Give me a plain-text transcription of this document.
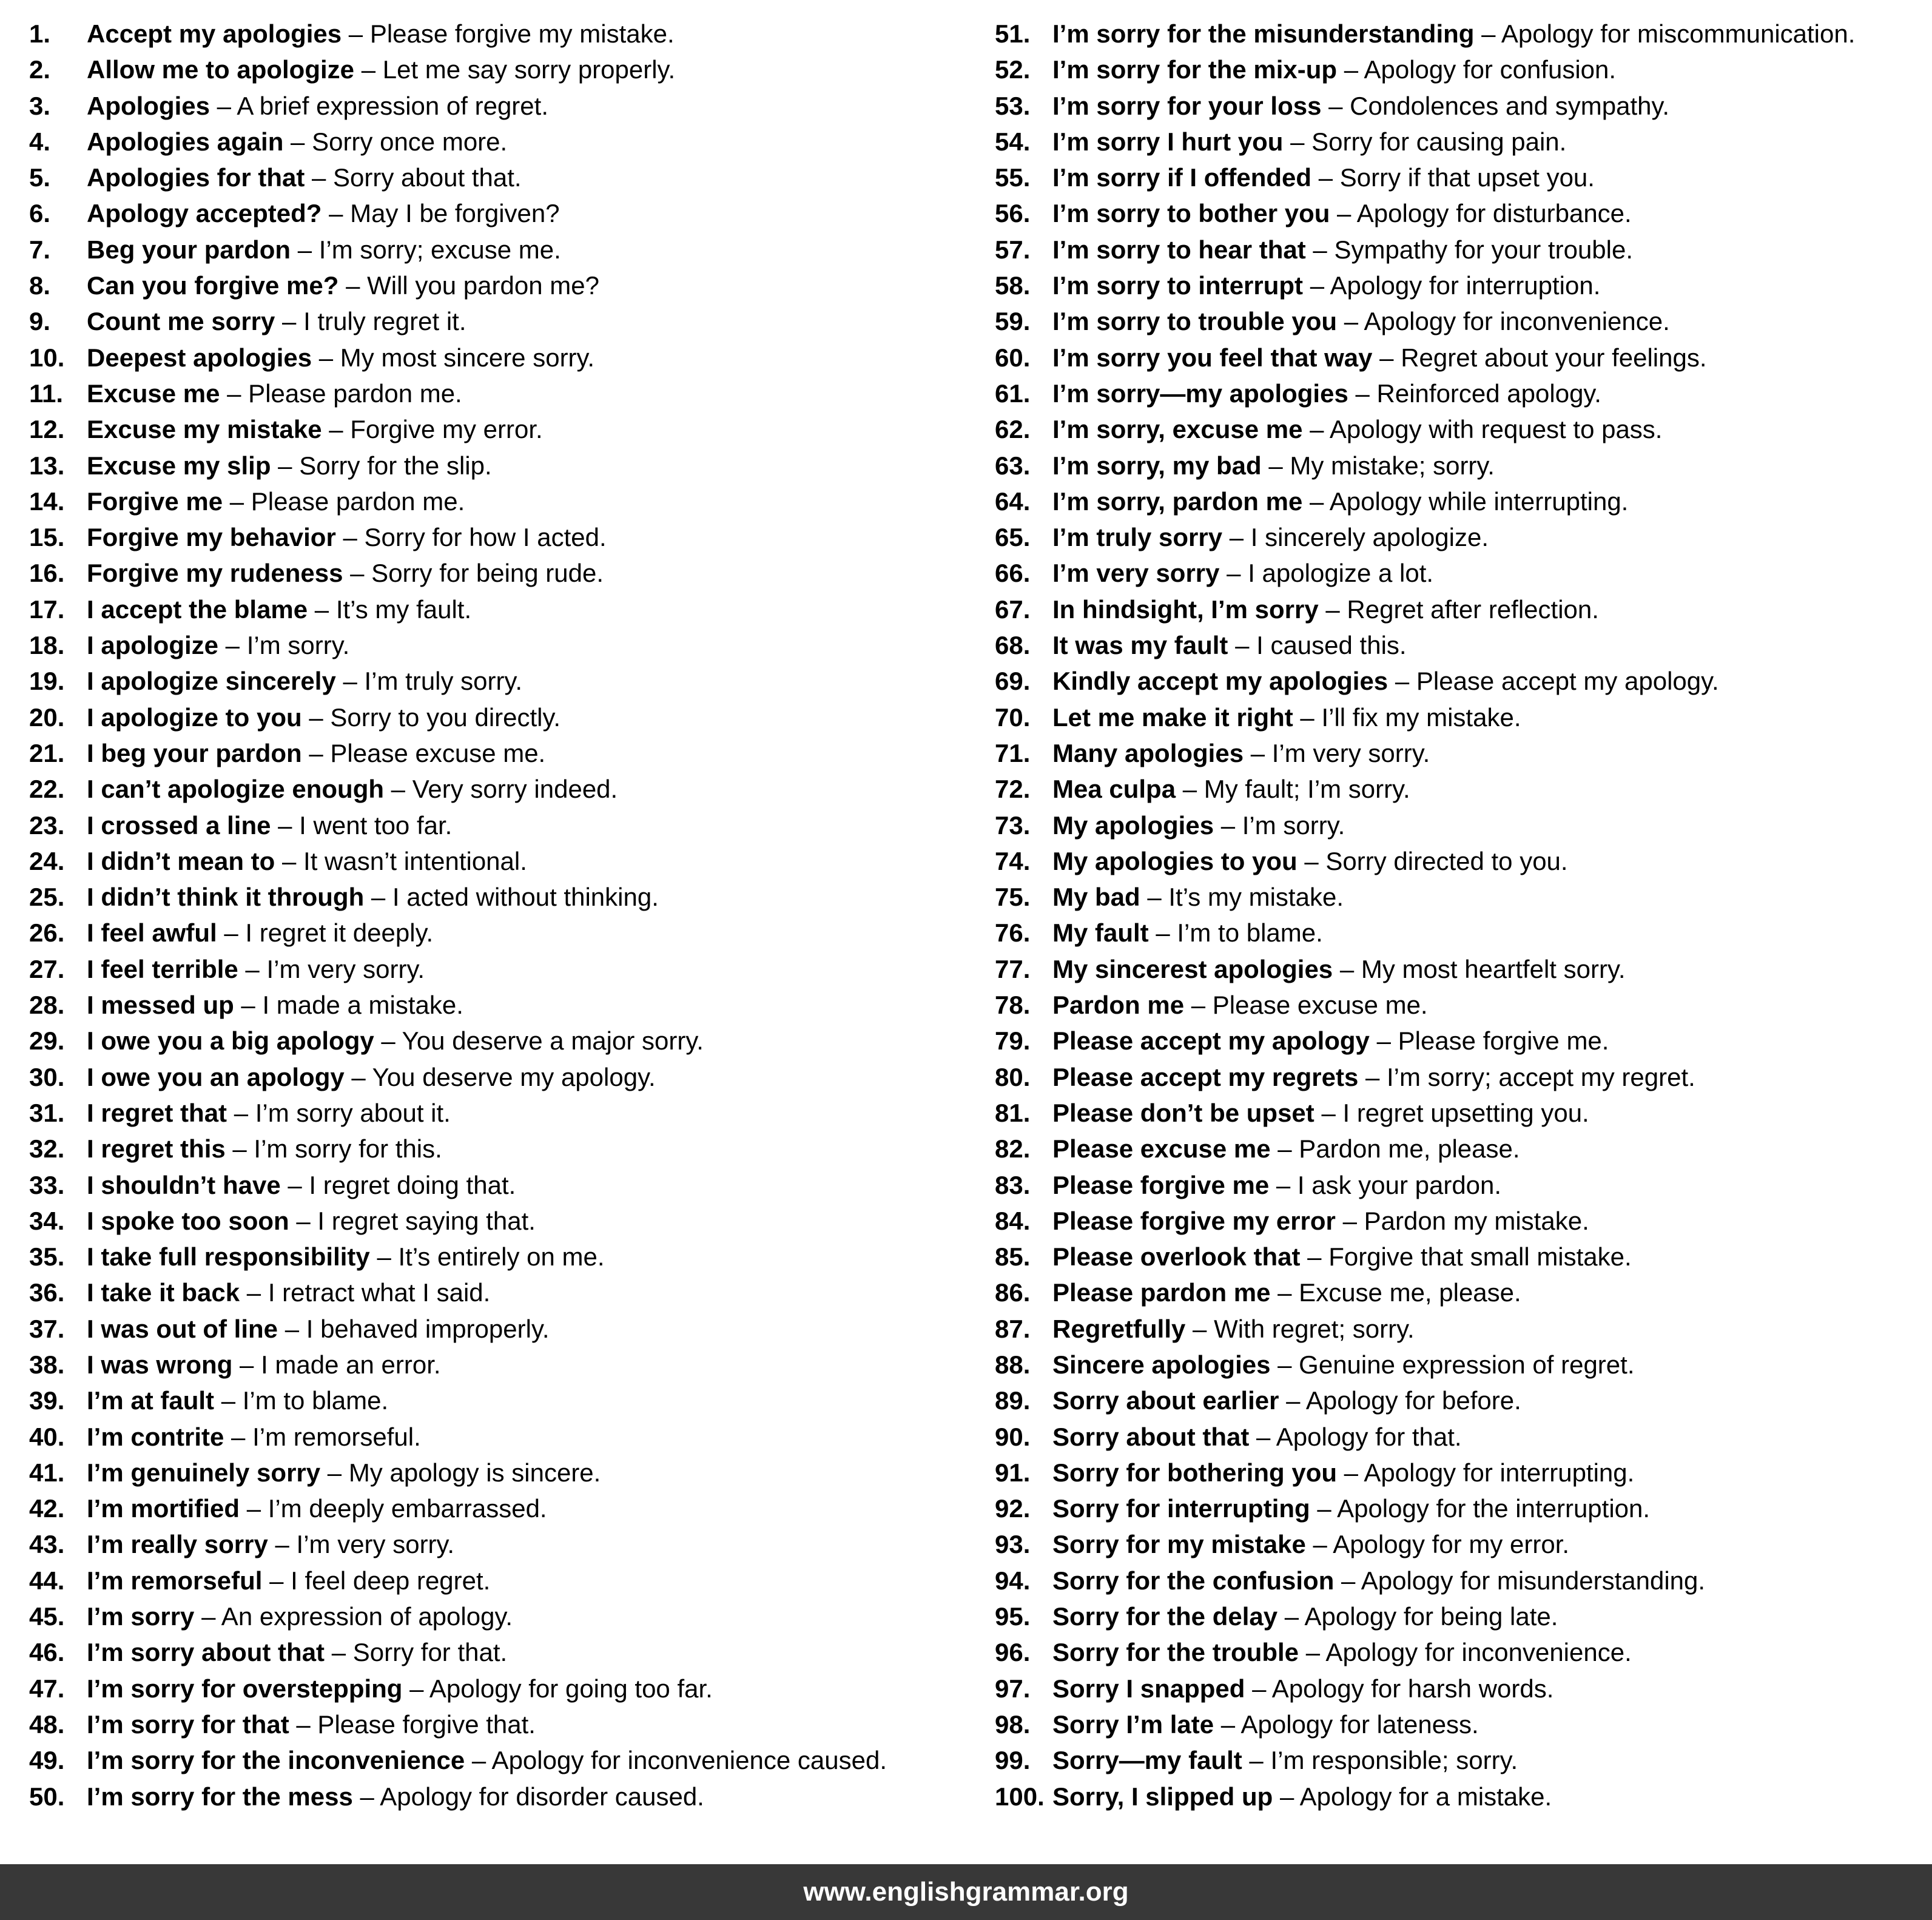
1.	Accept my apologies – Please forgive my mistake.
2.	Allow me to apologize – Let me say sorry properly.
3.	Apologies – A brief expression of regret.
4.	Apologies again – Sorry once more.
5.	Apologies for that – Sorry about that.
6.	Apology accepted? – May I be forgiven?
7.	Beg your pardon – I’m sorry; excuse me.
8.	Can you forgive me? – Will you pardon me?
9.	Count me sorry – I truly regret it.
10. Deepest apologies – My most sincere sorry.
11. Excuse me – Please pardon me.
12. Excuse my mistake – Forgive my error.
13. Excuse my slip – Sorry for the slip.
14. Forgive me – Please pardon me.
15. Forgive my behavior – Sorry for how I acted.
16. Forgive my rudeness – Sorry for being rude.
17. I accept the blame – It’s my fault.
18. I apologize – I’m sorry.
19. I apologize sincerely – I’m truly sorry.
20. I apologize to you – Sorry to you directly.
21. I beg your pardon – Please excuse me.
22. I can’t apologize enough – Very sorry indeed.
23. I crossed a line – I went too far.
24. I didn’t mean to – It wasn’t intentional.
25. I didn’t think it through – I acted without thinking.
26. I feel awful – I regret it deeply.
27. I feel terrible – I’m very sorry.
28. I messed up – I made a mistake.
29. I owe you a big apology – You deserve a major sorry.
30. I owe you an apology – You deserve my apology.
31. I regret that – I’m sorry about it.
32. I regret this – I’m sorry for this.
33. I shouldn’t have – I regret doing that.
34. I spoke too soon – I regret saying that.
35. I take full responsibility – It’s entirely on me.
36. I take it back – I retract what I said.
37. I was out of line – I behaved improperly.
38. I was wrong – I made an error.
39. I’m at fault – I’m to blame.
40. I’m contrite – I’m remorseful.
41. I’m genuinely sorry – My apology is sincere.
42. I’m mortified – I’m deeply embarrassed.
43. I’m really sorry – I’m very sorry.
44. I’m remorseful – I feel deep regret.
45. I’m sorry – An expression of apology.
46. I’m sorry about that – Sorry for that.
47. I’m sorry for overstepping – Apology for going too far.
48. I’m sorry for that – Please forgive that.
49. I’m sorry for the inconvenience – Apology for inconvenience caused.
50. I’m sorry for the mess – Apology for disorder caused.
51. I’m sorry for the misunderstanding – Apology for miscommunication.
52. I’m sorry for the mix-up – Apology for confusion.
53. I’m sorry for your loss – Condolences and sympathy.
54. I’m sorry I hurt you – Sorry for causing pain.
55. I’m sorry if I offended – Sorry if that upset you.
56. I’m sorry to bother you – Apology for disturbance.
57. I’m sorry to hear that – Sympathy for your trouble.
58. I’m sorry to interrupt – Apology for interruption.
59. I’m sorry to trouble you – Apology for inconvenience.
60. I’m sorry you feel that way – Regret about your feelings.
61. I’m sorry—my apologies – Reinforced apology.
62. I’m sorry, excuse me – Apology with request to pass.
63. I’m sorry, my bad – My mistake; sorry.
64. I’m sorry, pardon me – Apology while interrupting.
65. I’m truly sorry – I sincerely apologize.
66. I’m very sorry – I apologize a lot.
67. In hindsight, I’m sorry – Regret after reflection.
68. It was my fault – I caused this.
69. Kindly accept my apologies – Please accept my apology.
70. Let me make it right – I’ll fix my mistake.
71. Many apologies – I’m very sorry.
72. Mea culpa – My fault; I’m sorry.
73. My apologies – I’m sorry.
74. My apologies to you – Sorry directed to you.
75. My bad – It’s my mistake.
76. My fault – I’m to blame.
77. My sincerest apologies – My most heartfelt sorry.
78. Pardon me – Please excuse me.
79. Please accept my apology – Please forgive me.
80. Please accept my regrets – I’m sorry; accept my regret.
81. Please don’t be upset – I regret upsetting you.
82. Please excuse me – Pardon me, please.
83. Please forgive me – I ask your pardon.
84. Please forgive my error – Pardon my mistake.
85. Please overlook that – Forgive that small mistake.
86. Please pardon me – Excuse me, please.
87. Regretfully – With regret; sorry.
88. Sincere apologies – Genuine expression of regret.
89. Sorry about earlier – Apology for before.
90. Sorry about that – Apology for that.
91. Sorry for bothering you – Apology for interrupting.
92. Sorry for interrupting – Apology for the interruption.
93. Sorry for my mistake – Apology for my error.
94. Sorry for the confusion – Apology for misunderstanding.
95. Sorry for the delay – Apology for being late.
96. Sorry for the trouble – Apology for inconvenience.
97. Sorry I snapped – Apology for harsh words.
98. Sorry I’m late – Apology for lateness.
99. Sorry—my fault – I’m responsible; sorry.
100. Sorry, I slipped up – Apology for a mistake.
www.englishgrammar.org
